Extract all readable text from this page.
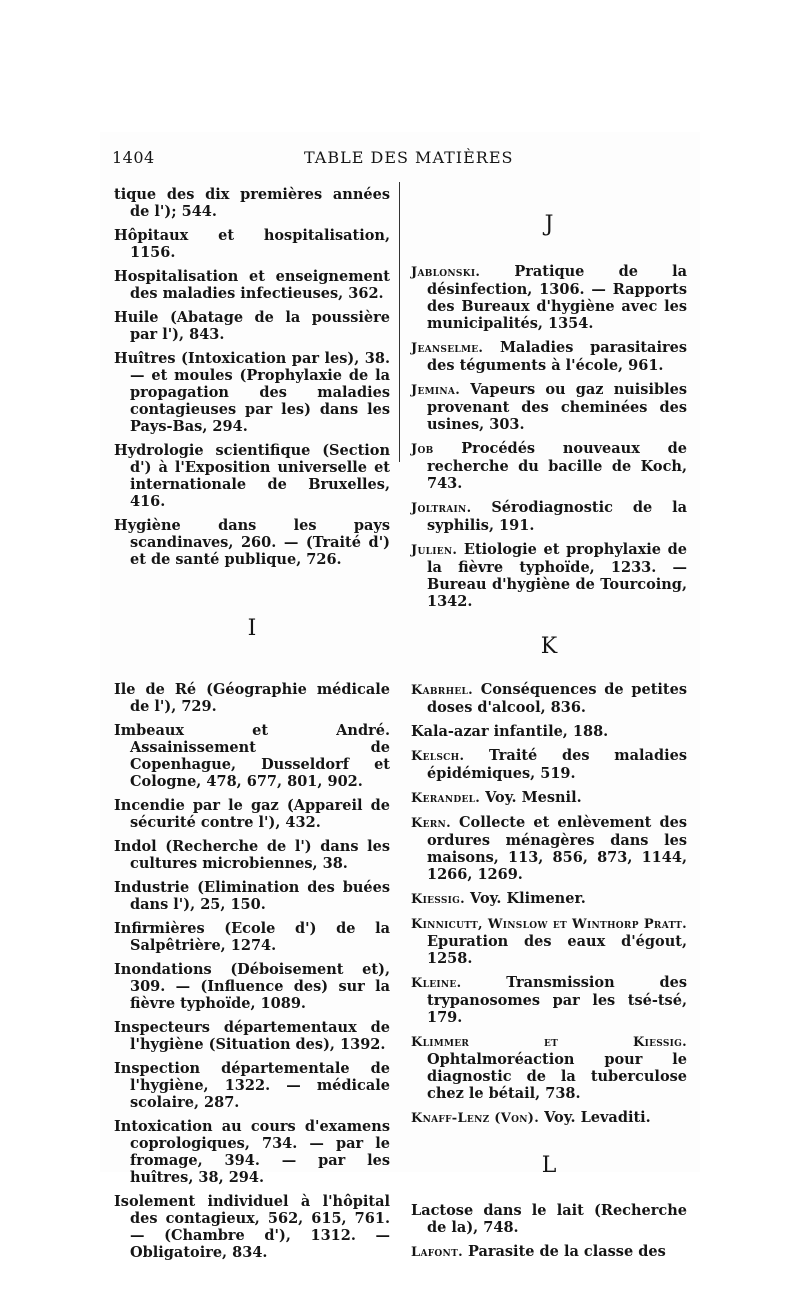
1404	TABLE DES MATIÈRES
tique des dix premières années de l'); 544.
Hôpitaux et hospitalisation, 1156.
Hospitalisation et enseignement des maladies infectieuses, 362.
Huile (Abatage de la poussière par l'), 843.
Huîtres (Intoxication par les), 38. — et moules (Prophylaxie de la propagation des maladies contagieuses par les) dans les Pays-Bas, 294.
Hydrologie scientifique (Section d') à l'Exposition universelle et internationale de Bruxelles, 416.
Hygiène dans les pays scandinaves, 260. — (Traité d') et de santé publique, 726.
I
Ile de Ré (Géographie médicale de l'), 729.
Imbeaux et André. Assainissement de Copenhague, Dusseldorf et Cologne, 478, 677, 801, 902.
Incendie par le gaz (Appareil de sécurité contre l'), 432.
Indol (Recherche de l') dans les cultures microbiennes, 38.
Industrie (Elimination des buées dans l'), 25, 150.
Infirmières (Ecole d') de la Salpêtrière, 1274.
Inondations (Déboisement et), 309. — (Influence des) sur la fièvre typhoïde, 1089.
Inspecteurs départementaux de l'hygiène (Situation des), 1392.
Inspection départementale de l'hygiène, 1322. — médicale scolaire, 287.
Intoxication au cours d'examens coprologiques, 734. — par le fromage, 394. — par les huîtres, 38, 294.
Isolement individuel à l'hôpital des contagieux, 562, 615, 761. — (Chambre d'), 1312. — Obligatoire, 834.
J
Jablonski. Pratique de la désinfection, 1306. — Rapports des Bureaux d'hygiène avec les municipalités, 1354.
Jeanselme. Maladies parasitaires des téguments à l'école, 961.
Jemina. Vapeurs ou gaz nuisibles provenant des cheminées des usines, 303.
Job Procédés nouveaux de recherche du bacille de Koch, 743.
Joltrain. Sérodiagnostic de la syphilis, 191.
Julien. Etiologie et prophylaxie de la fièvre typhoïde, 1233. — Bureau d'hygiène de Tourcoing, 1342.
K
Kabrhel. Conséquences de petites doses d'alcool, 836.
Kala-azar infantile, 188.
Kelsch. Traité des maladies épidémiques, 519.
Kerandel. Voy. Mesnil.
Kern. Collecte et enlèvement des ordures ménagères dans les maisons, 113, 856, 873, 1144, 1266, 1269.
Kiessig. Voy. Klimener.
Kinnicutt, Winslow et Winthorp Pratt. Epuration des eaux d'égout, 1258.
Kleine. Transmission des trypanosomes par les tsé-tsé, 179.
Klimmer et Kiessig. Ophtalmoréaction pour le diagnostic de la tuberculose chez le bétail, 738.
Knaff-Lenz (Von). Voy. Levaditi.
L
Lactose dans le lait (Recherche de la), 748.
Lafont. Parasite de la classe des
